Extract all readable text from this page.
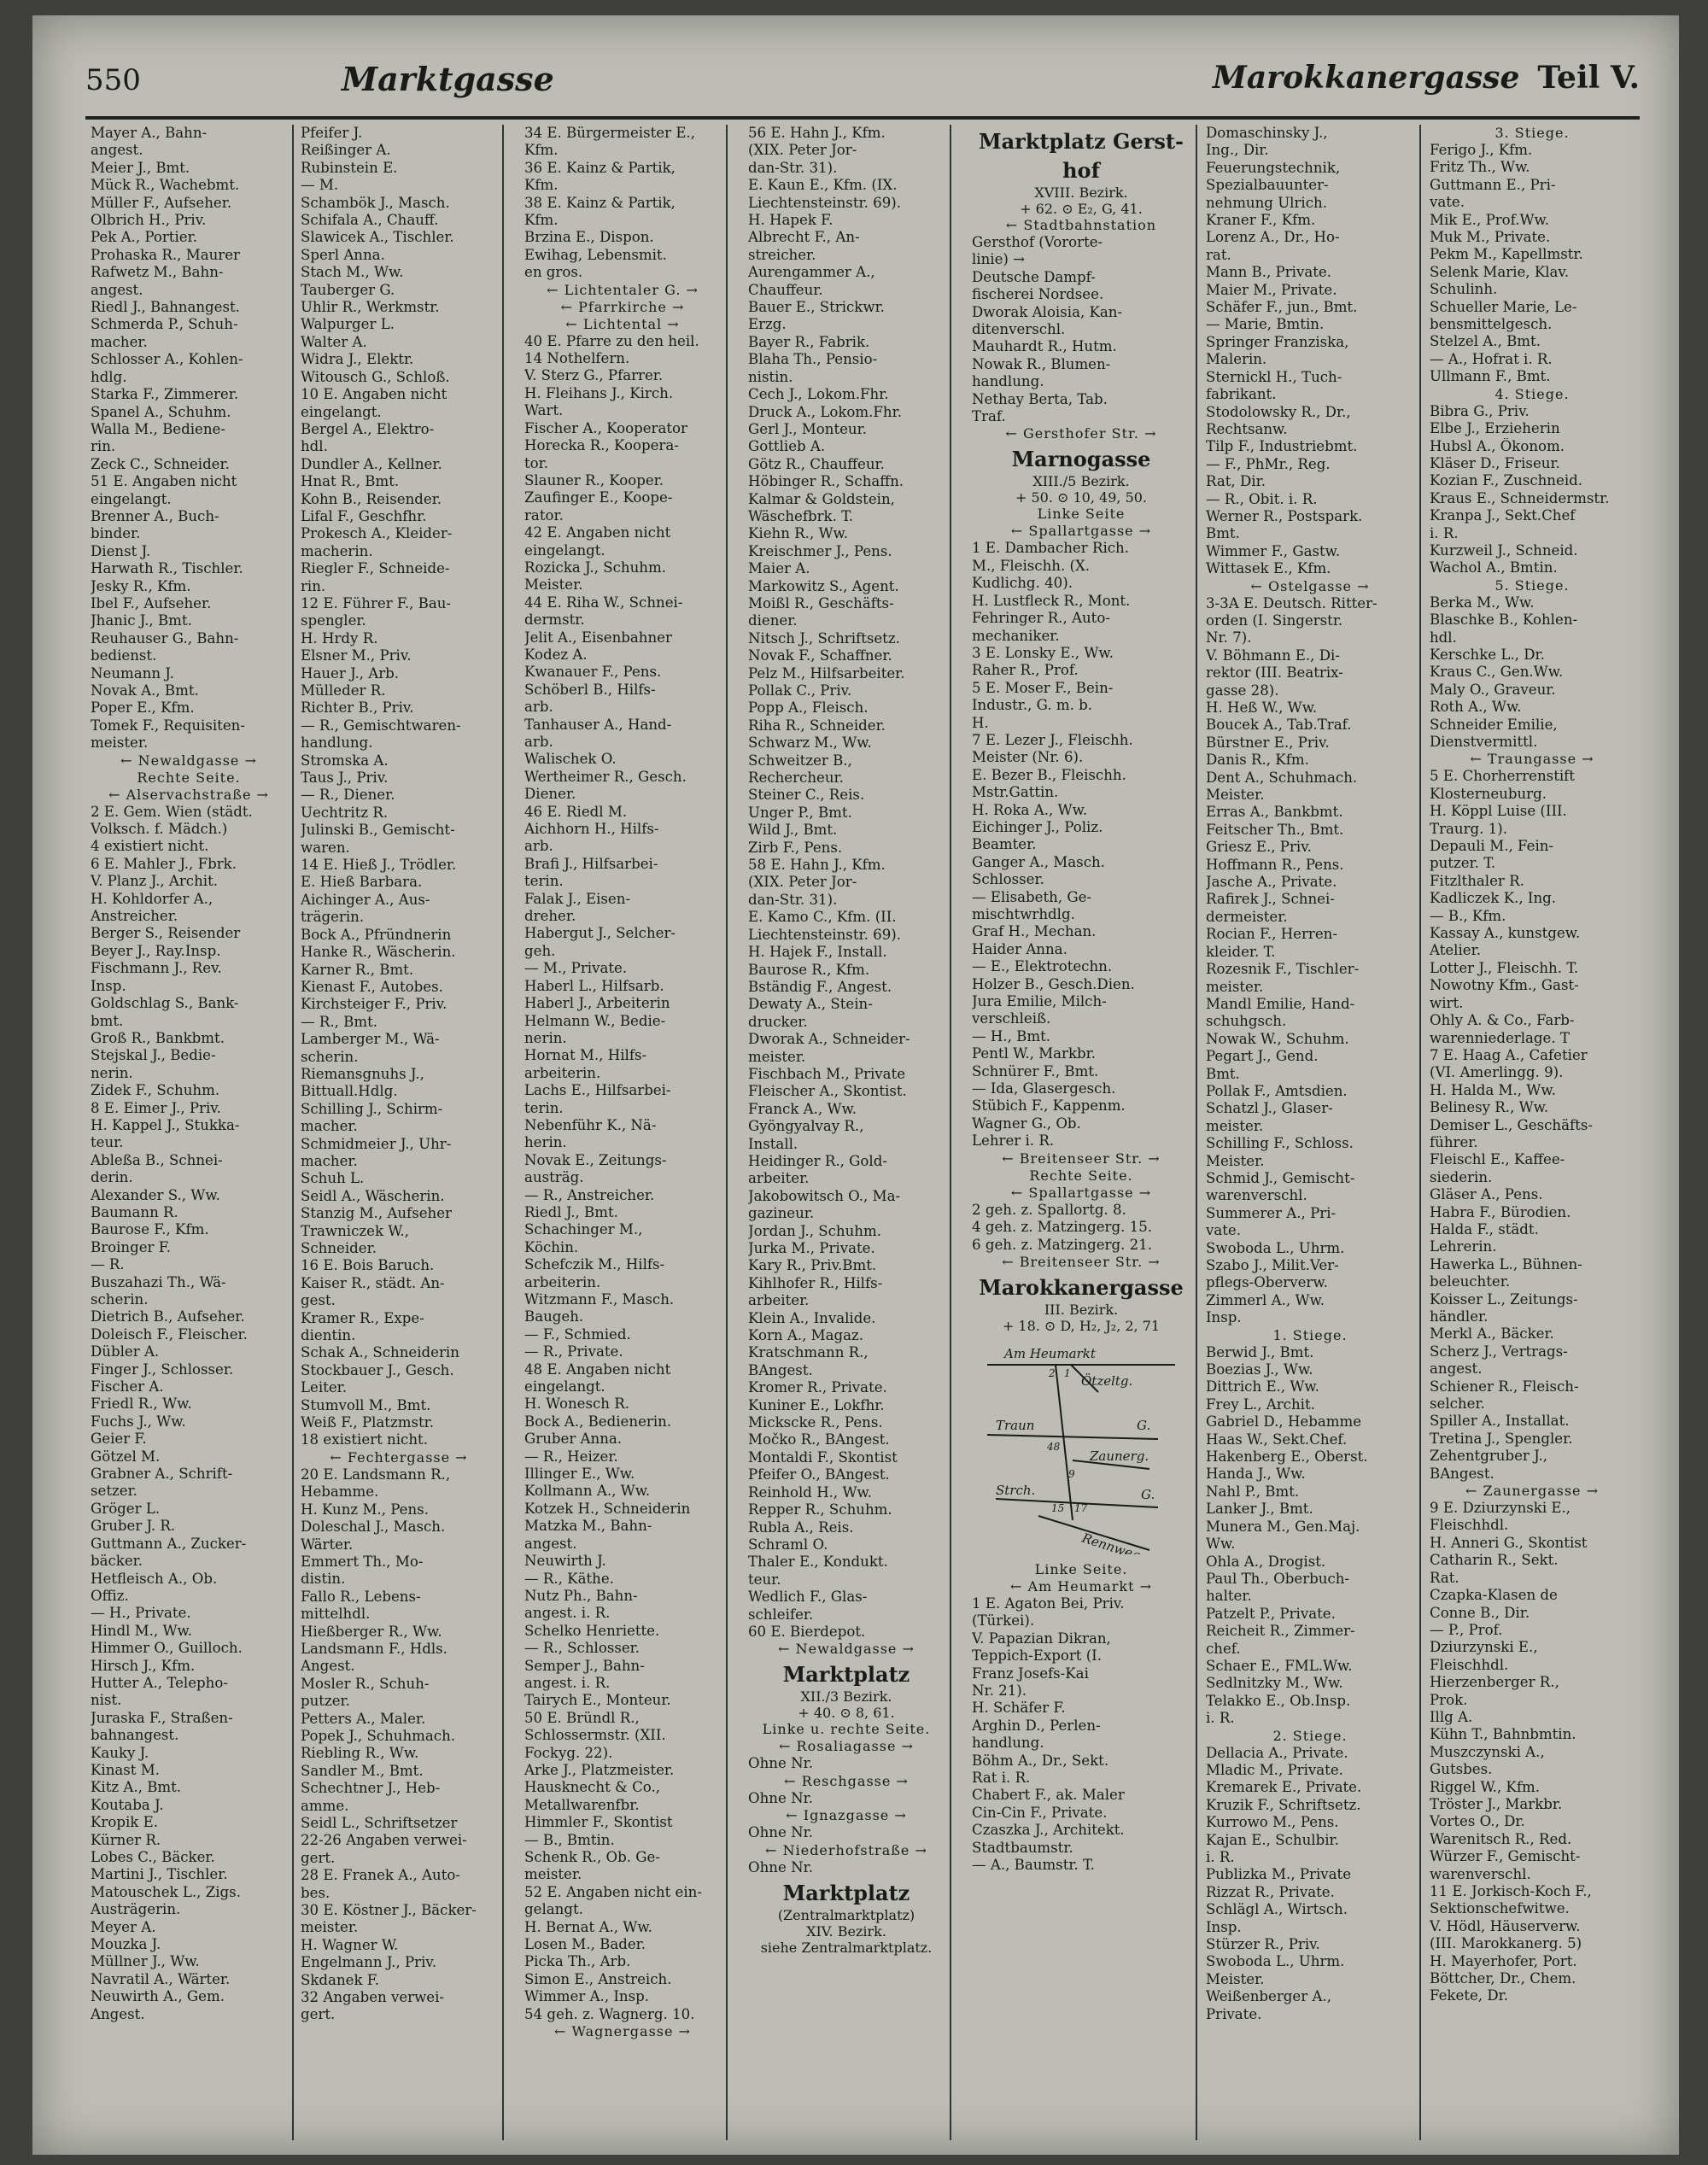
550	Marktgasse	Marokkanergasse Teil V.
Mayer A., Bahn-
angest.
Meier J., Bmt.
Mück R., Wachebmt.
Müller F., Aufseher.
Olbrich H., Priv.
Pek A., Portier.
Prohaska R., Maurer
Rafwetz M., Bahn-
angest.
Riedl J., Bahnangest.
Schmerda P., Schuh-
macher.
Schlosser A., Kohlen-
hdlg.
Starka F., Zimmerer.
Spanel A., Schuhm.
Walla M., Bediene-
rin.
Zeck C., Schneider.
51 E. Angaben nicht
eingelangt.
Brenner A., Buch-
binder.
Dienst J.
Harwath R., Tischler.
Jesky R., Kfm.
Ibel F., Aufseher.
Jhanic J., Bmt.
Reuhauser G., Bahn-
bedienst.
Neumann J.
Novak A., Bmt.
Poper E., Kfm.
Tomek F., Requisiten-
meister.
← Newaldgasse →
Rechte Seite.
← Alservachstraße →
2 E. Gem. Wien (städt.
Volksch. f. Mädch.)
4 existiert nicht.
6 E. Mahler J., Fbrk.
V. Planz J., Archit.
H. Kohldorfer A.,
Anstreicher.
Berger S., Reisender
Beyer J., Ray.Insp.
Fischmann J., Rev.
Insp.
Goldschlag S., Bank-
bmt.
Groß R., Bankbmt.
Stejskal J., Bedie-
nerin.
Zidek F., Schuhm.
8 E. Eimer J., Priv.
H. Kappel J., Stukka-
teur.
Ableßa B., Schnei-
derin.
Alexander S., Ww.
Baumann R.
Baurose F., Kfm.
Broinger F.
— R.
Buszahazi Th., Wä-
scherin.
Dietrich B., Aufseher.
Doleisch F., Fleischer.
Dübler A.
Finger J., Schlosser.
Fischer A.
Friedl R., Ww.
Fuchs J., Ww.
Geier F.
Götzel M.
Grabner A., Schrift-
setzer.
Gröger L.
Gruber J. R.
Guttmann A., Zucker-
bäcker.
Hetfleisch A., Ob.
Offiz.
— H., Private.
Hindl M., Ww.
Himmer O., Guilloch.
Hirsch J., Kfm.
Hutter A., Telepho-
nist.
Juraska F., Straßen-
bahnangest.
Kauky J.
Kinast M.
Kitz A., Bmt.
Koutaba J.
Kropik E.
Kürner R.
Lobes C., Bäcker.
Martini J., Tischler.
Matouschek L., Zigs.
Austrägerin.
Meyer A.
Mouzka J.
Müllner J., Ww.
Navratil A., Wärter.
Neuwirth A., Gem.
Angest.
Pfeifer J.
Reißinger A.
Rubinstein E.
— M.
Schambök J., Masch.
Schifala A., Chauff.
Slawicek A., Tischler.
Sperl Anna.
Stach M., Ww.
Tauberger G.
Uhlir R., Werkmstr.
Walpurger L.
Walter A.
Widra J., Elektr.
Witousch G., Schloß.
10 E. Angaben nicht
eingelangt.
Bergel A., Elektro-
hdl.
Dundler A., Kellner.
Hnat R., Bmt.
Kohn B., Reisender.
Lifal F., Geschfhr.
Prokesch A., Kleider-
macherin.
Riegler F., Schneide-
rin.
12 E. Führer F., Bau-
spengler.
H. Hrdy R.
Elsner M., Priv.
Hauer J., Arb.
Mülleder R.
Richter B., Priv.
— R., Gemischtwaren-
handlung.
Stromska A.
Taus J., Priv.
— R., Diener.
Uechtritz R.
Julinski B., Gemischt-
waren.
14 E. Hieß J., Trödler.
E. Hieß Barbara.
Aichinger A., Aus-
trägerin.
Bock A., Pfründnerin
Hanke R., Wäscherin.
Karner R., Bmt.
Kienast F., Autobes.
Kirchsteiger F., Priv.
— R., Bmt.
Lamberger M., Wä-
scherin.
Riemansgnuhs J.,
Bittuall.Hdlg.
Schilling J., Schirm-
macher.
Schmidmeier J., Uhr-
macher.
Schuh L.
Seidl A., Wäscherin.
Stanzig M., Aufseher
Trawniczek W.,
Schneider.
16 E. Bois Baruch.
Kaiser R., städt. An-
gest.
Kramer R., Expe-
dientin.
Schak A., Schneiderin
Stockbauer J., Gesch.
Leiter.
Stumvoll M., Bmt.
Weiß F., Platzmstr.
18 existiert nicht.
← Fechtergasse →
20 E. Landsmann R.,
Hebamme.
H. Kunz M., Pens.
Doleschal J., Masch.
Wärter.
Emmert Th., Mo-
distin.
Fallo R., Lebens-
mittelhdl.
Hießberger R., Ww.
Landsmann F., Hdls.
Angest.
Mosler R., Schuh-
putzer.
Petters A., Maler.
Popek J., Schuhmach.
Riebling R., Ww.
Sandler M., Bmt.
Schechtner J., Heb-
amme.
Seidl L., Schriftsetzer
22-26 Angaben verwei-
gert.
28 E. Franek A., Auto-
bes.
30 E. Köstner J., Bäcker-
meister.
H. Wagner W.
Engelmann J., Priv.
Skdanek F.
32 Angaben verwei-
gert.
34 E. Bürgermeister E.,
Kfm.
36 E. Kainz & Partik,
Kfm.
38 E. Kainz & Partik,
Kfm.
Brzina E., Dispon.
Ewihag, Lebensmit.
en gros.
← Lichtentaler G. →
← Pfarrkirche →
← Lichtental →
40 E. Pfarre zu den heil.
14 Nothelfern.
V. Sterz G., Pfarrer.
H. Fleihans J., Kirch.
Wart.
Fischer A., Kooperator
Horecka R., Koopera-
tor.
Slauner R., Kooper.
Zaufinger E., Koope-
rator.
42 E. Angaben nicht
eingelangt.
Rozicka J., Schuhm.
Meister.
44 E. Riha W., Schnei-
dermstr.
Jelit A., Eisenbahner
Kodez A.
Kwanauer F., Pens.
Schöberl B., Hilfs-
arb.
Tanhauser A., Hand-
arb.
Walischek O.
Wertheimer R., Gesch.
Diener.
46 E. Riedl M.
Aichhorn H., Hilfs-
arb.
Brafi J., Hilfsarbei-
terin.
Falak J., Eisen-
dreher.
Habergut J., Selcher-
geh.
— M., Private.
Haberl L., Hilfsarb.
Haberl J., Arbeiterin
Helmann W., Bedie-
nerin.
Hornat M., Hilfs-
arbeiterin.
Lachs E., Hilfsarbei-
terin.
Nebenführ K., Nä-
herin.
Novak E., Zeitungs-
austräg.
— R., Anstreicher.
Riedl J., Bmt.
Schachinger M.,
Köchin.
Schefczik M., Hilfs-
arbeiterin.
Witzmann F., Masch.
Baugeh.
— F., Schmied.
— R., Private.
48 E. Angaben nicht
eingelangt.
H. Wonesch R.
Bock A., Bedienerin.
Gruber Anna.
— R., Heizer.
Illinger E., Ww.
Kollmann A., Ww.
Kotzek H., Schneiderin
Matzka M., Bahn-
angest.
Neuwirth J.
— R., Käthe.
Nutz Ph., Bahn-
angest. i. R.
Schelko Henriette.
— R., Schlosser.
Semper J., Bahn-
angest. i. R.
Tairych E., Monteur.
50 E. Bründl R.,
Schlossermstr. (XII.
Fockyg. 22).
Arke J., Platzmeister.
Hausknecht & Co.,
Metallwarenfbr.
Himmler F., Skontist
— B., Bmtin.
Schenk R., Ob. Ge-
meister.
52 E. Angaben nicht ein-
gelangt.
H. Bernat A., Ww.
Losen M., Bader.
Picka Th., Arb.
Simon E., Anstreich.
Wimmer A., Insp.
54 geh. z. Wagnerg. 10.
← Wagnergasse →
56 E. Hahn J., Kfm.
(XIX. Peter Jor-
dan-Str. 31).
E. Kaun E., Kfm. (IX.
Liechtensteinstr. 69).
H. Hapek F.
Albrecht F., An-
streicher.
Aurengammer A.,
Chauffeur.
Bauer E., Strickwr.
Erzg.
Bayer R., Fabrik.
Blaha Th., Pensio-
nistin.
Cech J., Lokom.Fhr.
Druck A., Lokom.Fhr.
Gerl J., Monteur.
Gottlieb A.
Götz R., Chauffeur.
Höbinger R., Schaffn.
Kalmar & Goldstein,
Wäschefbrk. T.
Kiehn R., Ww.
Kreischmer J., Pens.
Maier A.
Markowitz S., Agent.
Moißl R., Geschäfts-
diener.
Nitsch J., Schriftsetz.
Novak F., Schaffner.
Pelz M., Hilfsarbeiter.
Pollak C., Priv.
Popp A., Fleisch.
Riha R., Schneider.
Schwarz M., Ww.
Schweitzer B.,
Rechercheur.
Steiner C., Reis.
Unger P., Bmt.
Wild J., Bmt.
Zirb F., Pens.
58 E. Hahn J., Kfm.
(XIX. Peter Jor-
dan-Str. 31).
E. Kamo C., Kfm. (II.
Liechtensteinstr. 69).
H. Hajek F., Install.
Baurose R., Kfm.
Bständig F., Angest.
Dewaty A., Stein-
drucker.
Dworak A., Schneider-
meister.
Fischbach M., Private
Fleischer A., Skontist.
Franck A., Ww.
Gyöngyalvay R.,
Install.
Heidinger R., Gold-
arbeiter.
Jakobowitsch O., Ma-
gazineur.
Jordan J., Schuhm.
Jurka M., Private.
Kary R., Priv.Bmt.
Kihlhofer R., Hilfs-
arbeiter.
Klein A., Invalide.
Korn A., Magaz.
Kratschmann R.,
BAngest.
Kromer R., Private.
Kuniner E., Lokfhr.
Mickscke R., Pens.
Močko R., BAngest.
Montaldi F., Skontist
Pfeifer O., BAngest.
Reinhold H., Ww.
Repper R., Schuhm.
Rubla A., Reis.
Schraml O.
Thaler E., Kondukt.
teur.
Wedlich F., Glas-
schleifer.
60 E. Bierdepot.
← Newaldgasse →
Marktplatz
XII./3 Bezirk.
+ 40. ⊙ 8, 61.
Linke u. rechte Seite.
← Rosaliagasse →
Ohne Nr.
← Reschgasse →
Ohne Nr.
← Ignazgasse →
Ohne Nr.
← Niederhofstraße →
Ohne Nr.
Marktplatz
(Zentralmarktplatz)
XIV. Bezirk.
siehe Zentralmarktplatz.
Marktplatz Gerst-
hof
XVIII. Bezirk.
+ 62. ⊙ E₂, G, 41.
← Stadtbahnstation
Gersthof (Vororte-
linie) →
Deutsche Dampf-
fischerei Nordsee.
Dworak Aloisia, Kan-
ditenverschl.
Mauhardt R., Hutm.
Nowak R., Blumen-
handlung.
Nethay Berta, Tab.
Traf.
← Gersthofer Str. →
Marnogasse
XIII./5 Bezirk.
+ 50. ⊙ 10, 49, 50.
Linke Seite
← Spallartgasse →
1 E. Dambacher Rich.
M., Fleischh. (X.
Kudlichg. 40).
H. Lustfleck R., Mont.
Fehringer R., Auto-
mechaniker.
3 E. Lonsky E., Ww.
Raher R., Prof.
5 E. Moser F., Bein-
Industr., G. m. b.
H.
7 E. Lezer J., Fleischh.
Meister (Nr. 6).
E. Bezer B., Fleischh.
Mstr.Gattin.
H. Roka A., Ww.
Eichinger J., Poliz.
Beamter.
Ganger A., Masch.
Schlosser.
— Elisabeth, Ge-
mischtwrhdlg.
Graf H., Mechan.
Haider Anna.
— E., Elektrotechn.
Holzer B., Gesch.Dien.
Jura Emilie, Milch-
verschleiß.
— H., Bmt.
Pentl W., Markbr.
Schnürer F., Bmt.
— Ida, Glasergesch.
Stübich F., Kappenm.
Wagner G., Ob.
Lehrer i. R.
← Breitenseer Str. →
Rechte Seite.
← Spallartgasse →
2 geh. z. Spallortg. 8.
4 geh. z. Matzingerg. 15.
6 geh. z. Matzingerg. 21.
← Breitenseer Str. →
Marokkanergasse
III. Bezirk.
+ 18. ⊙ D, H₂, J₂, 2, 71
Am Heumarkt
Ötzeltg.
Traun	G.
Zaunerg.
Strch.	G.
Rennweg
2 1
48
9
15 17
Linke Seite.
← Am Heumarkt →
1 E. Agaton Bei, Priv.
(Türkei).
V. Papazian Dikran,
Teppich-Export (I.
Franz Josefs-Kai
Nr. 21).
H. Schäfer F.
Arghin D., Perlen-
handlung.
Böhm A., Dr., Sekt.
Rat i. R.
Chabert F., ak. Maler
Cin-Cin F., Private.
Czaszka J., Architekt.
Stadtbaumstr.
— A., Baumstr. T.
Domaschinsky J.,
Ing., Dir.
Feuerungstechnik,
Spezialbauunter-
nehmung Ulrich.
Kraner F., Kfm.
Lorenz A., Dr., Ho-
rat.
Mann B., Private.
Maier M., Private.
Schäfer F., jun., Bmt.
— Marie, Bmtin.
Springer Franziska,
Malerin.
Sternickl H., Tuch-
fabrikant.
Stodolowsky R., Dr.,
Rechtsanw.
Tilp F., Industriebmt.
— F., PhMr., Reg.
Rat, Dir.
— R., Obit. i. R.
Werner R., Postspark.
Bmt.
Wimmer F., Gastw.
Wittasek E., Kfm.
← Ostelgasse →
3-3A E. Deutsch. Ritter-
orden (I. Singerstr.
Nr. 7).
V. Böhmann E., Di-
rektor (III. Beatrix-
gasse 28).
H. Heß W., Ww.
Boucek A., Tab.Traf.
Bürstner E., Priv.
Danis R., Kfm.
Dent A., Schuhmach.
Meister.
Erras A., Bankbmt.
Feitscher Th., Bmt.
Griesz E., Priv.
Hoffmann R., Pens.
Jasche A., Private.
Rafirek J., Schnei-
dermeister.
Rocian F., Herren-
kleider. T.
Rozesnik F., Tischler-
meister.
Mandl Emilie, Hand-
schuhgsch.
Nowak W., Schuhm.
Pegart J., Gend.
Bmt.
Pollak F., Amtsdien.
Schatzl J., Glaser-
meister.
Schilling F., Schloss.
Meister.
Schmid J., Gemischt-
warenverschl.
Summerer A., Pri-
vate.
Swoboda L., Uhrm.
Szabo J., Milit.Ver-
pflegs-Oberverw.
Zimmerl A., Ww.
Insp.
1. Stiege.
Berwid J., Bmt.
Boezias J., Ww.
Dittrich E., Ww.
Frey L., Archit.
Gabriel D., Hebamme
Haas W., Sekt.Chef.
Hakenberg E., Oberst.
Handa J., Ww.
Nahl P., Bmt.
Lanker J., Bmt.
Munera M., Gen.Maj.
Ww.
Ohla A., Drogist.
Paul Th., Oberbuch-
halter.
Patzelt P., Private.
Reicheit R., Zimmer-
chef.
Schaer E., FML.Ww.
Sedlnitzky M., Ww.
Telakko E., Ob.Insp.
i. R.
2. Stiege.
Dellacia A., Private.
Mladic M., Private.
Kremarek E., Private.
Kruzik F., Schriftsetz.
Kurrowo M., Pens.
Kajan E., Schulbir.
i. R.
Publizka M., Private
Rizzat R., Private.
Schlägl A., Wirtsch.
Insp.
Stürzer R., Priv.
Swoboda L., Uhrm.
Meister.
Weißenberger A.,
Private.
3. Stiege.
Ferigo J., Kfm.
Fritz Th., Ww.
Guttmann E., Pri-
vate.
Mik E., Prof.Ww.
Muk M., Private.
Pekm M., Kapellmstr.
Selenk Marie, Klav.
Schulinh.
Schueller Marie, Le-
bensmittelgesch.
Stelzel A., Bmt.
— A., Hofrat i. R.
Ullmann F., Bmt.
4. Stiege.
Bibra G., Priv.
Elbe J., Erzieherin
Hubsl A., Ökonom.
Kläser D., Friseur.
Kozian F., Zuschneid.
Kraus E., Schneidermstr.
Kranpa J., Sekt.Chef
i. R.
Kurzweil J., Schneid.
Wachol A., Bmtin.
5. Stiege.
Berka M., Ww.
Blaschke B., Kohlen-
hdl.
Kerschke L., Dr.
Kraus C., Gen.Ww.
Maly O., Graveur.
Roth A., Ww.
Schneider Emilie,
Dienstvermittl.
← Traungasse →
5 E. Chorherrenstift
Klosterneuburg.
H. Köppl Luise (III.
Traurg. 1).
Depauli M., Fein-
putzer. T.
Fitzlthaler R.
Kadliczek K., Ing.
— B., Kfm.
Kassay A., kunstgew.
Atelier.
Lotter J., Fleischh. T.
Nowotny Kfm., Gast-
wirt.
Ohly A. & Co., Farb-
warenniederlage. T
7 E. Haag A., Cafetier
(VI. Amerlingg. 9).
H. Halda M., Ww.
Belinesy R., Ww.
Demiser L., Geschäfts-
führer.
Fleischl E., Kaffee-
siederin.
Gläser A., Pens.
Habra F., Bürodien.
Halda F., städt.
Lehrerin.
Hawerka L., Bühnen-
beleuchter.
Koisser L., Zeitungs-
händler.
Merkl A., Bäcker.
Scherz J., Vertrags-
angest.
Schiener R., Fleisch-
selcher.
Spiller A., Installat.
Tretina J., Spengler.
Zehentgruber J.,
BAngest.
← Zaunergasse →
9 E. Dziurzynski E.,
Fleischhdl.
H. Anneri G., Skontist
Catharin R., Sekt.
Rat.
Czapka-Klasen de
Conne B., Dir.
— P., Prof.
Dziurzynski E.,
Fleischhdl.
Hierzenberger R.,
Prok.
Illg A.
Kühn T., Bahnbmtin.
Muszczynski A.,
Gutsbes.
Riggel W., Kfm.
Tröster J., Markbr.
Vortes O., Dr.
Warenitsch R., Red.
Würzer F., Gemischt-
warenverschl.
11 E. Jorkisch-Koch F.,
Sektionschefwitwe.
V. Hödl, Häuserverw.
(III. Marokkanerg. 5)
H. Mayerhofer, Port.
Böttcher, Dr., Chem.
Fekete, Dr.
